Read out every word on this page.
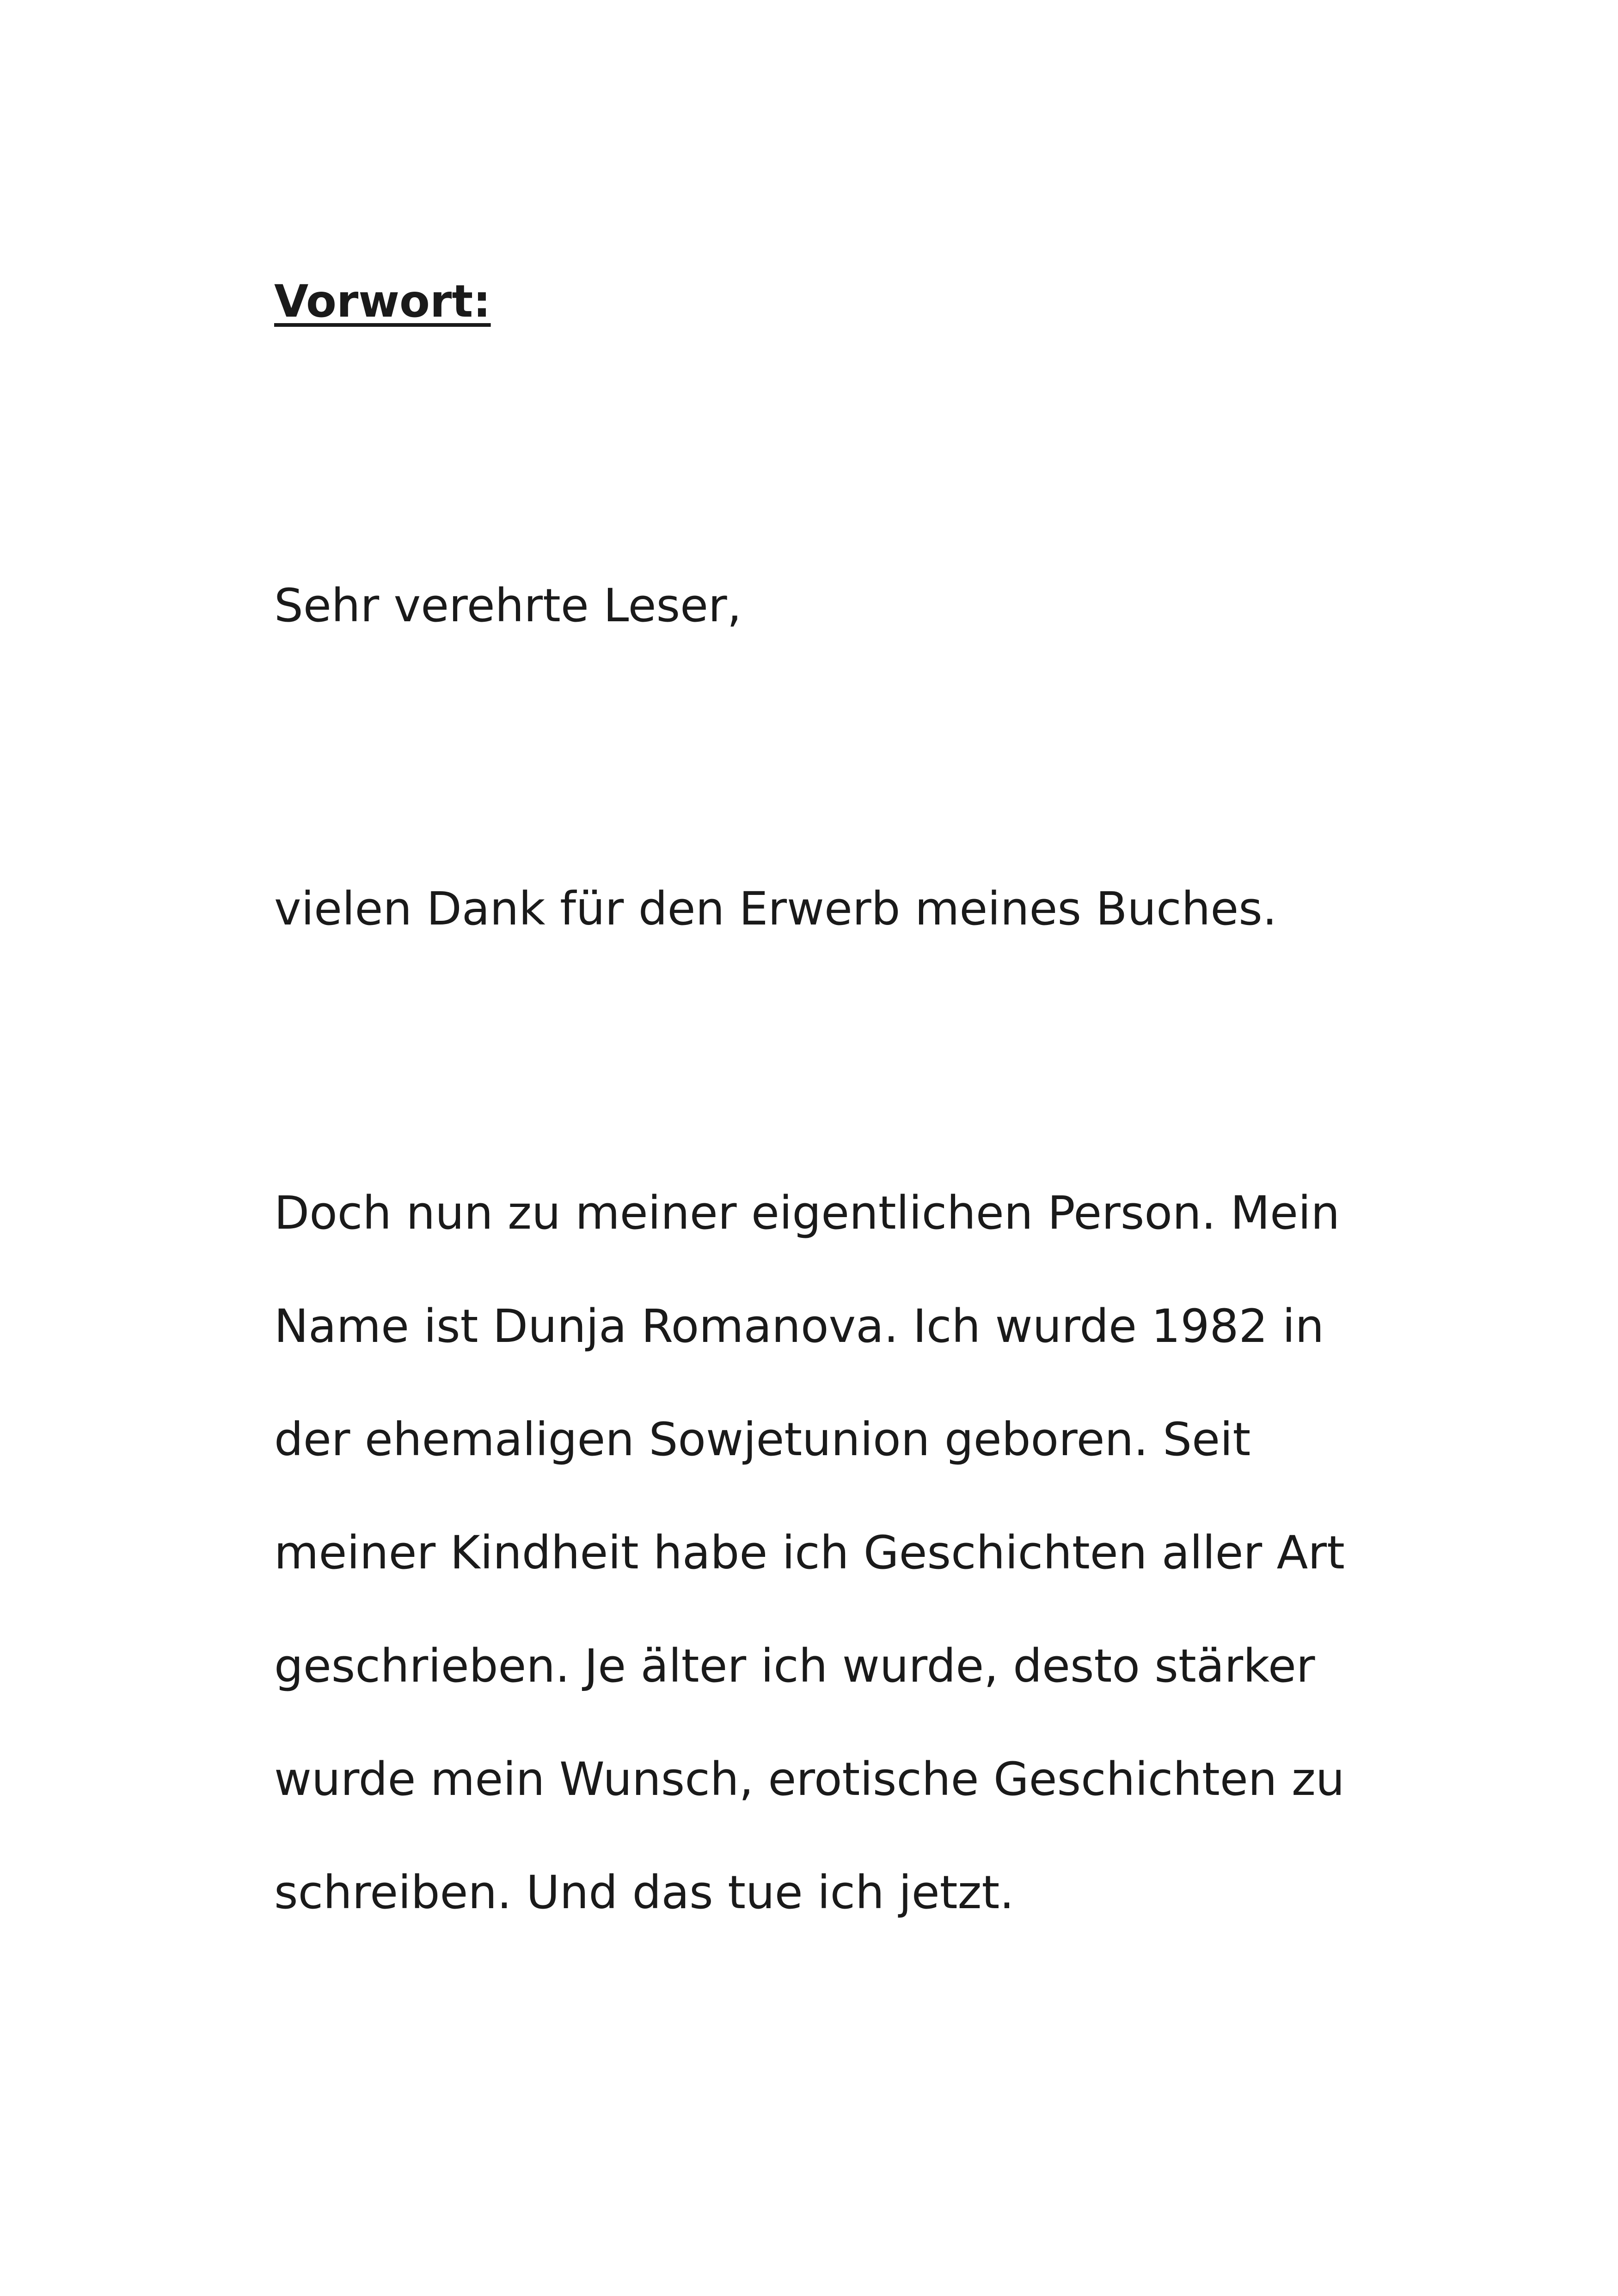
Vorwort:

Sehr verehrte Leser,

vielen Dank für den Erwerb meines Buches.

Doch nun zu meiner eigentlichen Person. Mein

Name ist Dunja Romanova. Ich wurde 1982 in

der ehemaligen Sowjetunion geboren. Seit

meiner Kindheit habe ich Geschichten aller Art

geschrieben. Je älter ich wurde, desto stärker

wurde mein Wunsch, erotische Geschichten zu

schreiben. Und das tue ich jetzt.
